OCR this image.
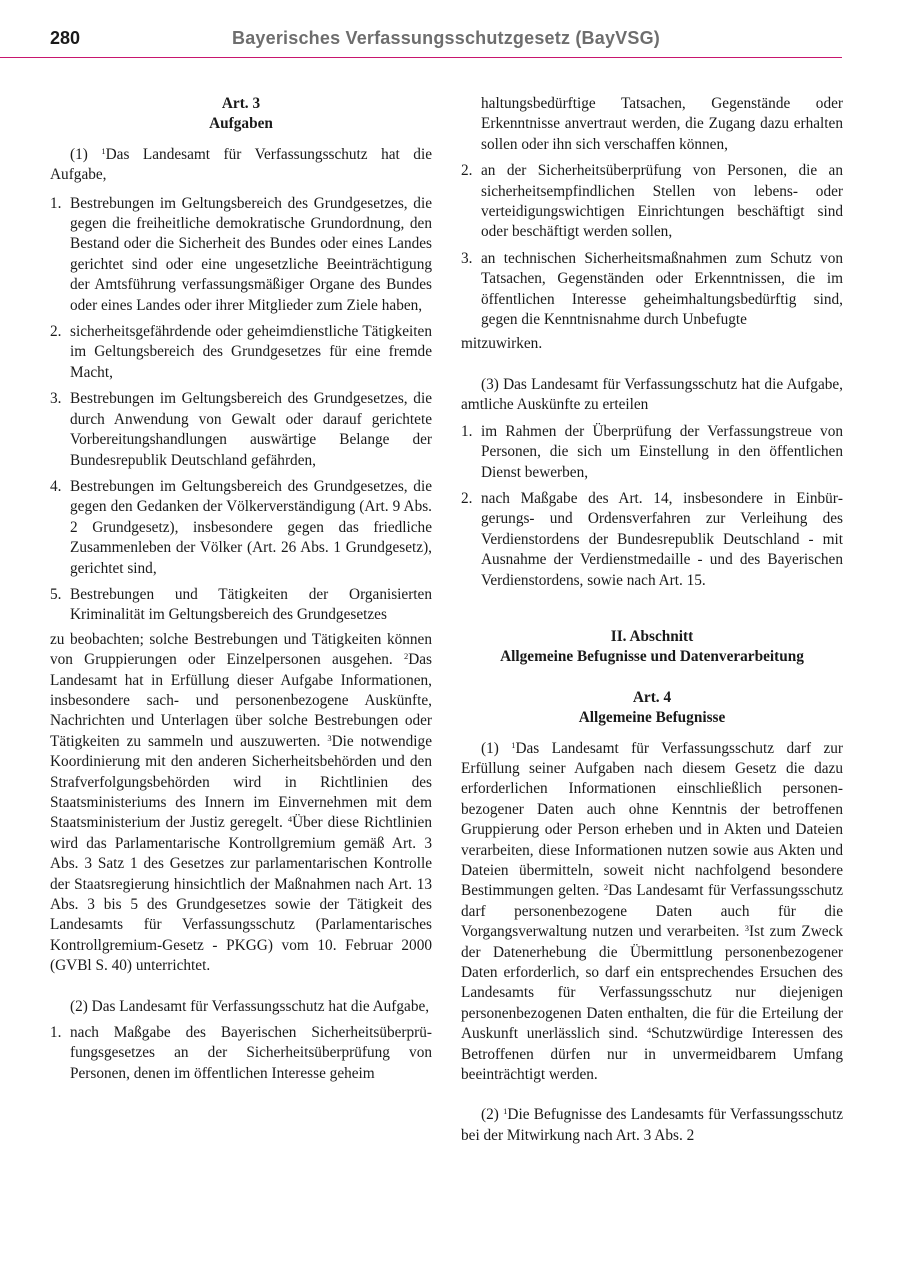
280	Bayerisches Verfassungsschutzgesetz (BayVSG)

Art. 3

Aufgaben

(1) $^1$Das Landesamt für Verfassungsschutz hat die Aufgabe,

1. Bestrebungen im Geltungsbereich des Grundgesetzes, die gegen die freiheitliche demokratische Grundordnung, den Bestand oder die Sicherheit des Bundes oder eines Landes gerichtet sind oder eine ungesetzliche Beeinträchtigung der Amtsführung verfassungsmäßiger Organe des Bundes oder eines Landes oder ihrer Mitglieder zum Ziele haben,
2. sicherheitsgefährdende oder geheimdienstliche Tätigkeiten im Geltungsbereich des Grundgesetzes für eine fremde Macht,
3. Bestrebungen im Geltungsbereich des Grundgesetzes, die durch Anwendung von Gewalt oder darauf gerichtete Vorbereitungshandlungen auswärtige Belange der Bundesrepublik Deutschland gefährden,
4. Bestrebungen im Geltungsbereich des Grundgesetzes, die gegen den Gedanken der Völkerverständigung (Art. 9 Abs. 2 Grundgesetz), insbesondere gegen das friedliche Zusammenleben der Völker (Art. 26 Abs. 1 Grundgesetz), gerichtet sind,
5. Bestrebungen und Tätigkeiten der Organisierten Kriminalität im Geltungsbereich des Grundgesetzes

zu beobachten; solche Bestrebungen und Tätigkeiten können von Gruppierungen oder Einzelpersonen ausgehen. $^2$Das Landesamt hat in Erfüllung dieser Aufgabe Informationen, insbesondere sach- und personenbezogene Auskünfte, Nachrichten und Unterlagen über solche Bestrebungen oder Tätigkeiten zu sammeln und auszuwerten. $^3$Die notwendige Koordinierung mit den anderen Sicherheitsbehörden und den Strafverfolgungsbehörden wird in Richtlinien des Staatsministeriums des Innern im Einvernehmen mit dem Staatsministerium der Justiz geregelt. $^4$Über diese Richtlinien wird das Parlamentarische Kontrollgremium gemäß Art. 3 Abs. 3 Satz 1 des Gesetzes zur parlamentarischen Kontrolle der Staatsregierung hinsichtlich der Maßnahmen nach Art. 13 Abs. 3 bis 5 des Grundgesetzes sowie der Tätigkeit des Landesamts für Verfassungsschutz (Parlamentarisches Kontrollgremium-Gesetz - PKGG) vom 10. Februar 2000 (GVBl S. 40) unterrichtet.

(2) Das Landesamt für Verfassungsschutz hat die Aufgabe,

1. nach Maßgabe des Bayerischen Sicherheitsüberprüfungsgesetzes an der Sicherheitsüberprüfung von Personen, denen im öffentlichen Interesse geheim
haltungsbedürftige Tatsachen, Gegenstände oder Erkenntnisse anvertraut werden, die Zugang dazu erhalten sollen oder ihn sich verschaffen können,
2. an der Sicherheitsüberprüfung von Personen, die an sicherheitsempfindlichen Stellen von lebens- oder verteidigungswichtigen Einrichtungen beschäftigt sind oder beschäftigt werden sollen,
3. an technischen Sicherheitsmaßnahmen zum Schutz von Tatsachen, Gegenständen oder Erkenntnissen, die im öffentlichen Interesse geheimhaltungsbedürftig sind, gegen die Kenntnisnahme durch Unbefugte

mitzuwirken.

(3) Das Landesamt für Verfassungsschutz hat die Aufgabe, amtliche Auskünfte zu erteilen

1. im Rahmen der Überprüfung der Verfassungstreue von Personen, die sich um Einstellung in den öffentlichen Dienst bewerben,
2. nach Maßgabe des Art. 14, insbesondere in Einbürgerungs- und Ordensverfahren zur Verleihung des Verdienstordens der Bundesrepublik Deutschland - mit Ausnahme der Verdienstmedaille - und des Bayerischen Verdienstordens, sowie nach Art. 15.

II. Abschnitt

Allgemeine Befugnisse und Datenverarbeitung

Art. 4

Allgemeine Befugnisse

(1) $^1$Das Landesamt für Verfassungsschutz darf zur Erfüllung seiner Aufgaben nach diesem Gesetz die dazu erforderlichen Informationen einschließlich personenbezogener Daten auch ohne Kenntnis der betroffenen Gruppierung oder Person erheben und in Akten und Dateien verarbeiten, diese Informationen nutzen sowie aus Akten und Dateien übermitteln, soweit nicht nachfolgend besondere Bestimmungen gelten. $^2$Das Landesamt für Verfassungsschutz darf personenbezogene Daten auch für die Vorgangsverwaltung nutzen und verarbeiten. $^3$Ist zum Zweck der Datenerhebung die Übermittlung personenbezogener Daten erforderlich, so darf ein entsprechendes Ersuchen des Landesamts für Verfassungsschutz nur diejenigen personenbezogenen Daten enthalten, die für die Erteilung der Auskunft unerlässlich sind. $^4$Schutzwürdige Interessen des Betroffenen dürfen nur in unvermeidbarem Umfang beeinträchtigt werden.

(2) $^1$Die Befugnisse des Landesamts für Verfassungsschutz bei der Mitwirkung nach Art. 3 Abs. 2
